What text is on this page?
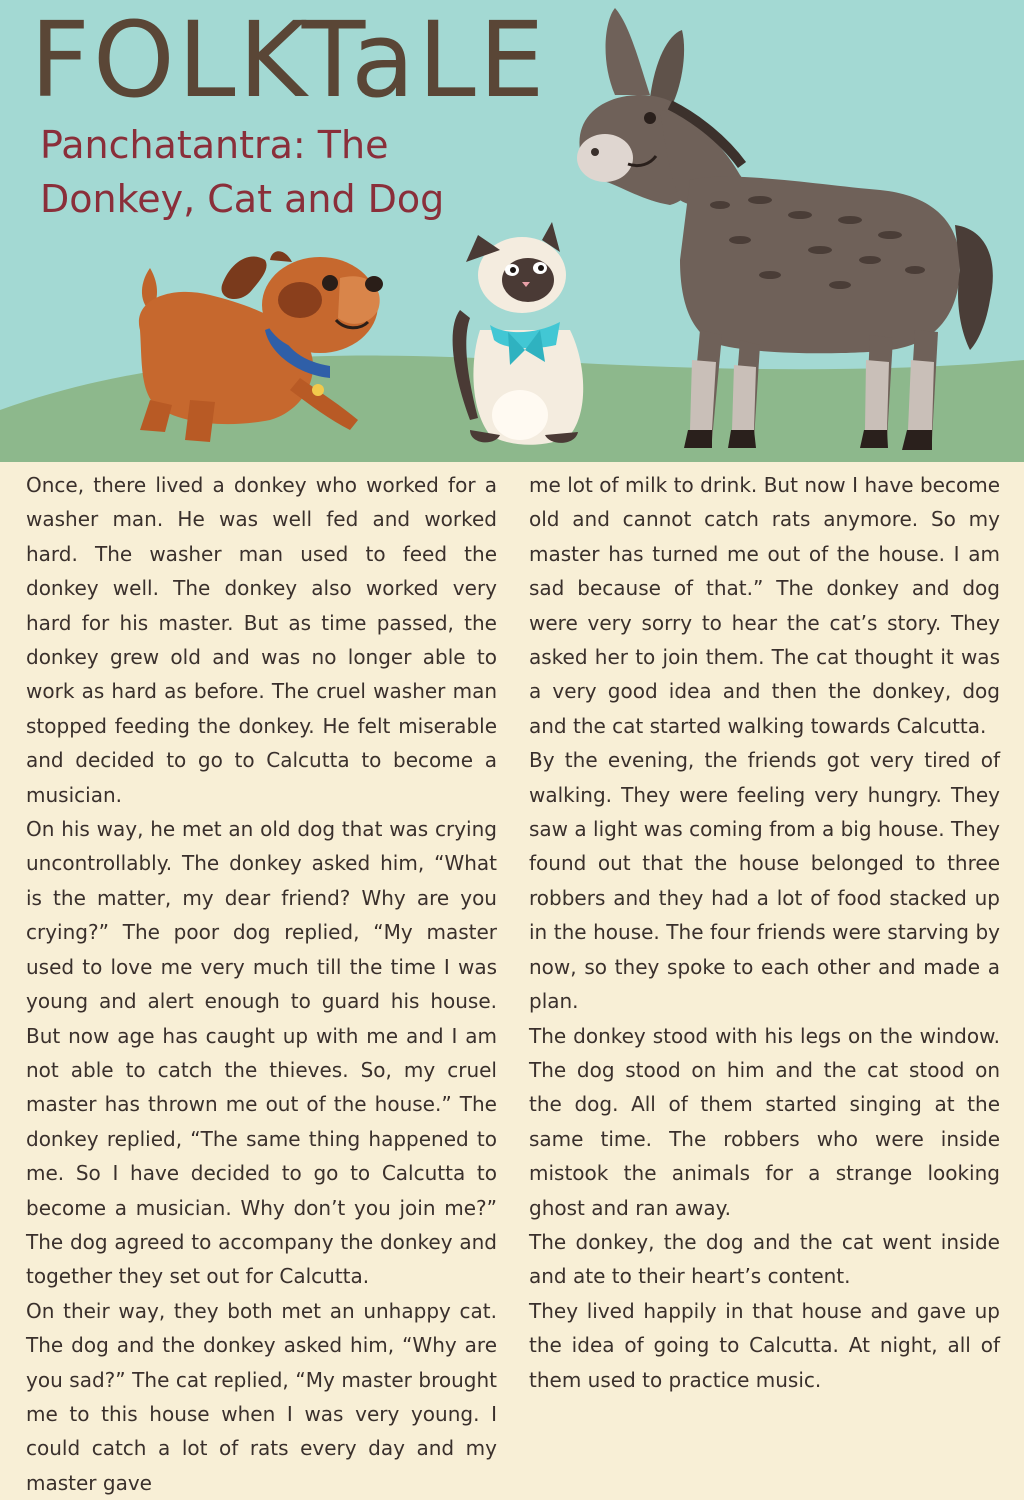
FOLKTaLE
Panchatantra: The Donkey, Cat and Dog

Once, there lived a donkey who worked for a washer man. He was well fed and worked hard. The washer man used to feed the donkey well. The donkey also worked very hard for his master. But as time passed, the donkey grew old and was no longer able to work as hard as before. The cruel washer man stopped feeding the donkey. He felt miserable and decided to go to Calcutta to become a musician.

On his way, he met an old dog that was crying uncontrollably. The donkey asked him, “What is the matter, my dear friend? Why are you crying?” The poor dog replied, “My master used to love me very much till the time I was young and alert enough to guard his house. But now age has caught up with me and I am not able to catch the thieves. So, my cruel master has thrown me out of the house.” The donkey replied, “The same thing happened to me. So I have decided to go to Calcutta to become a musician. Why don’t you join me?” The dog agreed to accompany the donkey and together they set out for Calcutta.

On their way, they both met an unhappy cat. The dog and the donkey asked him, “Why are you sad?” The cat replied, “My master brought me to this house when I was very young. I could catch a lot of rats every day and my master gave

me lot of milk to drink. But now I have become old and cannot catch rats anymore. So my master has turned me out of the house. I am sad because of that.” The donkey and dog were very sorry to hear the cat’s story. They asked her to join them. The cat thought it was a very good idea and then the donkey, dog and the cat started walking towards Calcutta.

By the evening, the friends got very tired of walking. They were feeling very hungry. They saw a light was coming from a big house. They found out that the house belonged to three robbers and they had a lot of food stacked up in the house. The four friends were starving by now, so they spoke to each other and made a plan.

The donkey stood with his legs on the window. The dog stood on him and the cat stood on the dog. All of them started singing at the same time. The robbers who were inside mistook the animals for a strange looking ghost and ran away.

The donkey, the dog and the cat went inside and ate to their heart’s content.

They lived happily in that house and gave up the idea of going to Calcutta. At night, all of them used to practice music.
